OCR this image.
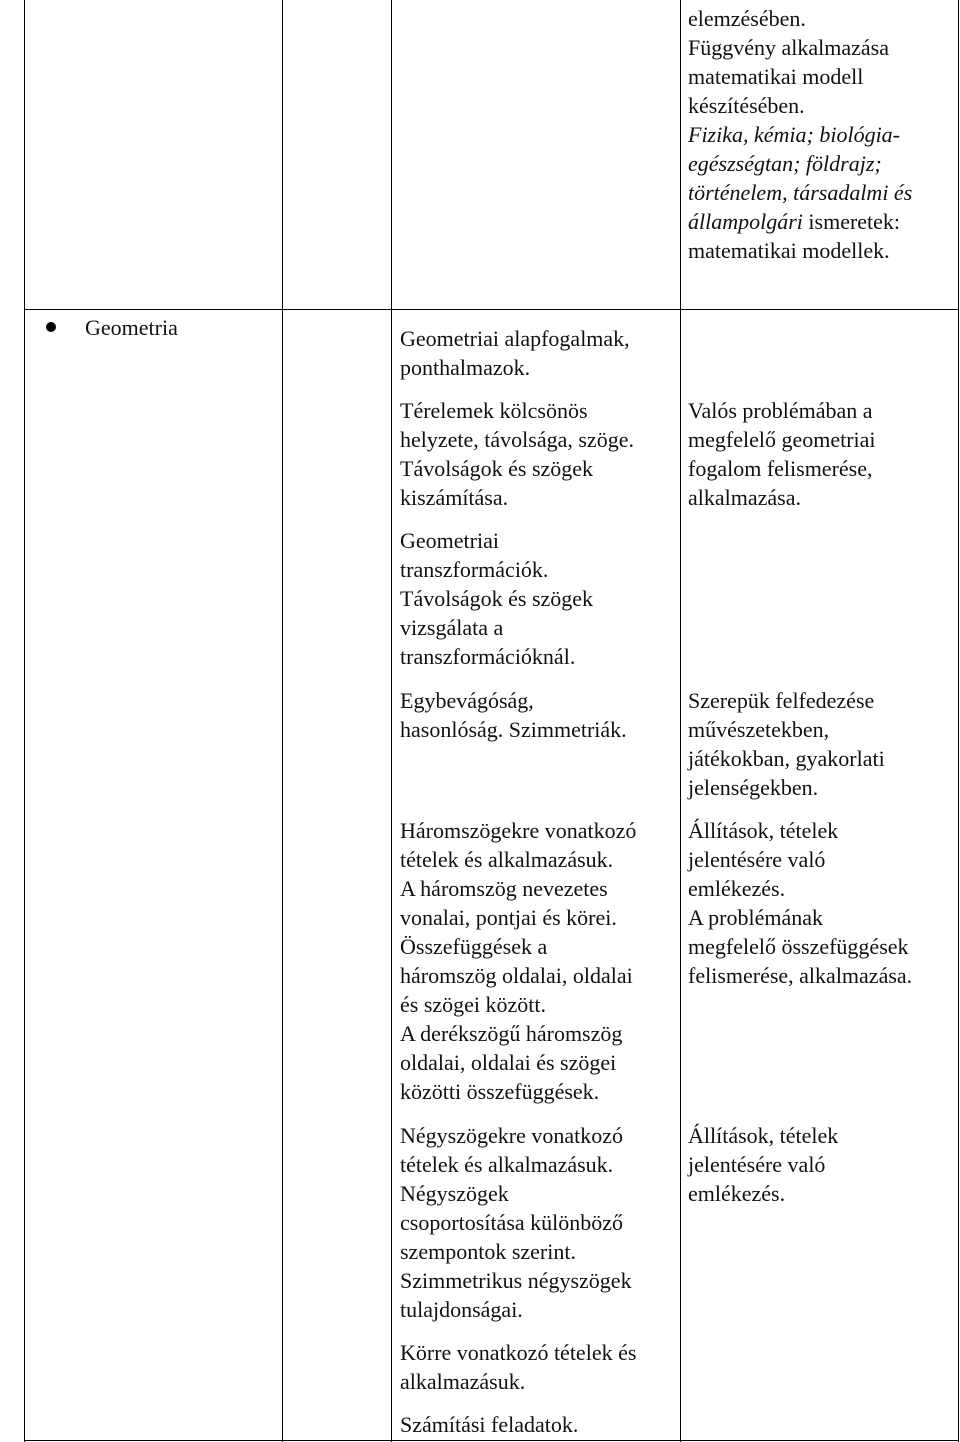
elemzésében.
Függvény alkalmazása
matematikai modell
készítésében.
Fizika, kémia; biológia-
egészségtan; földrajz;
történelem, társadalmi és
állampolgári ismeretek:
matematikai modellek.
Geometria	Geometriai alapfogalmak,
ponthalmazok.
Térelemek kölcsönös
helyzete, távolsága, szöge.
Távolságok és szögek
kiszámítása.
Geometriai
transzformációk.
Távolságok és szögek
vizsgálata a
transzformációknál.
Egybevágóság,
hasonlóság. Szimmetriák.
Háromszögekre vonatkozó
tételek és alkalmazásuk.
A háromszög nevezetes
vonalai, pontjai és körei.
Összefüggések a
háromszög oldalai, oldalai
és szögei között.
A derékszögű háromszög
oldalai, oldalai és szögei
közötti összefüggések.
Négyszögekre vonatkozó
tételek és alkalmazásuk.
Négyszögek
csoportosítása különböző
szempontok szerint.
Szimmetrikus négyszögek
tulajdonságai.
Körre vonatkozó tételek és
alkalmazásuk.
Számítási feladatok.
Valós problémában a
megfelelő geometriai
fogalom felismerése,
alkalmazása.
Szerepük felfedezése
művészetekben,
játékokban, gyakorlati
jelenségekben.
Állítások, tételek
jelentésére való
emlékezés.
A problémának
megfelelő összefüggések
felismerése, alkalmazása.
Állítások, tételek
jelentésére való
emlékezés.
